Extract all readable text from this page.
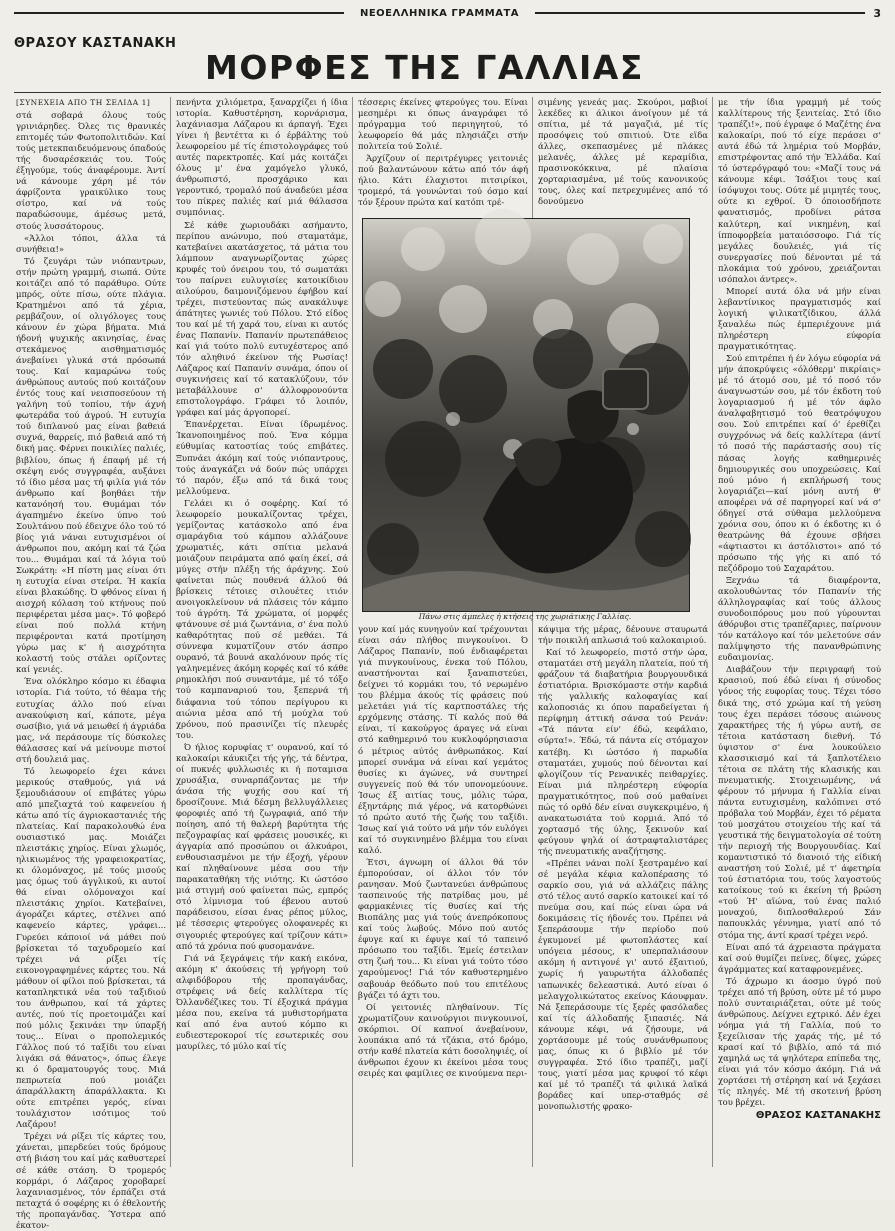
ΝΕΟΕΛΛΗΝΙΚΑ ΓΡΑΜΜΑΤΑ	3
ΘΡΑΣΟΥ ΚΑΣΤΑΝΑΚΗ
ΜΟΡΦΕΣ ΤΗΣ ΓΑΛΛΙΑΣ
[ΣΥΝΕΧΕΙΑ ΑΠΟ ΤΗ ΣΕΛΙΔΑ 1]

στά σοβαρά όλους τούς γρινιάρηδες. Όλες τις θρανικές επιτομές τών Φωτοπολιτιδών. Καί τούς μετεκπαιδευόμενους όπαδούς τής δυσαρέσκειάς του. Τούς έξηγούμε, τούς άναφέρουμε. Άντί νά κάνουμε χάρη μέ τόν άφρίζοντα γραικύλικο τους σίστρο, καί νά τούς παραδώσουμε, άμέσως μετά, στούς λυσσάτορους.

«Άλλοι τόποι, άλλα τά συνήθεια!»

Τό ζευγάρι τών νιόπαντρων, στήν πρώτη γραμμή, σιωπά. Ούτε κοιτάζει από τό παράθυρο. Ούτε μπρός, ούτε πίσω, ούτε πλάγια. Κρατημένοι από τά χέρια, ρεμβάζουν, οί ολιγόλογες τους κάνουν έν χώρα βήματα. Μιά ήδονή ψυχικής ακινησίας, ένας στεκάμενος αισθηματισμός άνεβαίνει γλυκά στά πρόσωπά τους. Καί καμαρώνω τούς άνθρώπους αυτούς πού κοιτάζουν έντός τους καί νεισποσεύουν τή γαλήνη τού τοπίου, τήν άχνή φωτεράδα τού άγρού. Ή ευτυχία τού διπλανού μας είναι βαθειά συχνά, θαρρείς, πιό βαθειά από τή δική μας. Φέρνει ποικιλίες παλιές, βιβλίου, όπως ή έπαφή μέ τή σκέψη ενός συγγραφέα, αυξάνει τό ίδιο μέσα μας τή φιλία γιά τόν άνθρωπο καί βοηθάει τήν κατανόησή του. Θυμάμαι τόν άγαπημένο έκείνο ύπνο τού Σουλτάνου πού έδειχνε όλο τού τό βίος γιά νάναι ευτυχισμένοι οί άνθρωποι που, ακόμη καί τά ζώα του... Θυμάμαι καί τά λόγια τού Σωκράτη: «Η πίστη μας είναι ότι η ευτυχία είναι στείρα. Ή κακία είναι βλακώδης. Ό φθόνος είναι ή αισχρή κόλαση τού κτήνους πού περιφέρεται μέσα μας». Τό φοβερό είναι πού πολλά κτήνη περιφέρονται κατά προτίμηση γύρω μας κ' ή αισχρότητα κολαστή τούς στάλει ορίζοντες καί γενιές.

Ένα ολόκληρο κόσμο κι έδαφια ιστορία. Γιά τούτο, τό θέαμα τής ευτυχίας άλλο πού είναι ανακούφιση καί, κάποτε, μέγα σωσίβιο, γιά νά μειωθεί ή άγριάδα μας, νά περάσουμε τίς δύσκολες θάλασσες καί νά μείνουμε πιστοί στή δουλειά μας.

Τό λεωφορείο έχει κάνει μερικούς σταθμούς, γιά νά ξεμουδιάσουν οί επιβάτες γύρω από μπεζιαχτά τού καφενείου ή κάτω από τίς άγριοκαστανιές τής πλατείας. Καί παρακολουθώ ένα ουσιαστικό μας. Μοιάζει πλειστάκις χηρίος. Είναι χλωμός, ηλικιωμένος τής γραφειοκρατίας, κι όλομόναχος, μέ τούς μισούς μας όμως τού άγγλικού, κι αυτοί θά είναι ολόμοναχοι καί πλειστάκις χηρίοι. Κατεβαίνει, άγοράζει κάρτες, στέλνει από καφενείο κάρτες, γράφει... Γυρεύει κάποιοί νά μάθει πού βρίσκεται τό ταχυδρομείο καί τρέχει νά ρίξει τίς εικονογραφημένες κάρτες του. Νά μάθουν οί φίλοι πού βρίσκεται, τά καταπληκτικά νέα τού ταξιδιού του άνθρωπου, καί τά χάρτες αυτές, πού τίς προετοιμάζει καί πού μόλις ξεκινάει την ύπαρξή τους... Είναι ο προπολεμικός Γάλλος πού τό ταξίδι του είναι λιγάκι σά θάνατος», όπως έλεγε κι ό δραματουργός τους. Μιά πεπρωτεία πού μοιάζει άπαράλλακτη άπαράλλακτα. Κι ούτε επιτρέπει γερός, είναι τουλάχιστον ισότιμος τού Λαζάρου!

Τρέχει νά ρίξει τίς κάρτες του, χάνεται, μπερδεύει τούς δρόμους στή βιάση του καί μάς καθυστερεί σέ κάθε στάση. Ό τρομερός κορμάρι, ό Λάζαρος χοροβαρεί λαχανιασμένος, τόν έρπάζει στά πεταχτά ό σοφέρης κι ό έθελοντής τής προπαγάνδας. Ύστερα από έκατον-

πενήντα χιλιόμετρα, ξαναρχίζει ή ίδια ιστορία. Καθυστέρηση, κορνάρισμα, λαχάνιασμα Λάζαρου κι άρπαγή. Έχει γίνει ή βεντέττα κι ό έρβάλτης τού λεωφορείου μέ τίς έπιστολογράφες τού αυτές παρεκτροπές. Καί μάς κοιτάζει όλους μ' ένα χαμόγελο γλυκό, άνθρωπιστό, προσχάρικο και γεροντικό, τρομαλό πού άναδεύει μέσα του πίκρες παλιές καί μιά θάλασσα συμπόνιας.

Σέ κάθε χωριουδάκι ασήμαντο, περίπου ανώνυμο, πού σταματάμε, κατεβαίνει ακατάσχετος, τά μάτια του λάμπουν αναγνωρίζοντας χώρες κρυφές τού όνειρου του, τό σωματάκι του παίρνει ευλυγισίες κατοικίδιου αιλούρου, δαιμονιζόμενου έφήβου καί τρέχει, πιστεύοντας πώς ανακάλυψε άπάτητες γωνιές τού Πόλου. Στό είδος του καί μέ τή χαρά του, είναι κι αυτός ένας Παπανίν. Παπανίν πρωτεπάθειος καί γιά τούτο πολύ ευτυχέστερος από τόν αληθινό έκείνον τής Ρωσίας! Λάζαρος καί Παπανίν συνάμα, όπου οί συγκινήσεις καί τό κατακλύζουν, τόν μεταβάλλουνε σ' άλλοφρονούντα επιστολογράφο. Γράφει τό λοιπόν, γράφει καί μάς άργοπορεί.

Έπανέρχεται. Είναι ίδρωμένος. Ίκανοποιημένος πού. Ένα κόμμα εύθυμίας κατοστίας τούς επιβάτες. Ξυπνάει άκόμη καί τούς νιόπαντρους, τούς άναγκάζει νά δούν πώς υπάρχει τό παρόν, έξω από τά δικά τους μελλούμενα.

Γελάει κι ό σοφέρης. Καί τό λεωφορείο μουκαλίζοντας τρέχει, γεμίζοντας κατάσκολο από ένα σμαράγδια τού κάμπου αλλάζουνε χρωματιές, κάτι σπίτια μελανά μοιάζουν πειράματα από φαίη έκεί, σά μύγες στήν πλέξη τής άράχνης. Σού φαίνεται πώς πουθενά άλλού θά βρίσκεις τέτοιες σιλουέτες ιτιόν ανοιγοκλείνουν νά πλάσεις τόν κάμπο τού άγρότη. Τά χρώματα, οί μορφές φτάνουνε σέ μιά ζωντάνια, σ' ένα πολύ καθαρότητας πού σέ μεθάει. Τά σύννεφα κυματίζουν στόν άσπρο ουρανό, τά βουνά ακαλόνουν πρός τίς γαληνεμένες άκόμη κορφές καί τό κάθε ρημοκλήσι πού συναντάμε, μέ τό τόξο τού καμπαναριού του, ξεπερνά τή διάφανια τού τόπου περίγυρου κι αιώνια μέσα από τή μούχλα τού χρόνου, πού πρασινίζει τίς πλευρές του.

Ό ήλιος κορυφίας τ' ουρανού, καί τό καλοκαίρι κάυκιζει τής γής, τά δέντρα, οί πυκνές φυλλωσιές κι ή ποταμισα χρυσάξια, συναρπάζοντας με τήν άνάσα τής ψυχής σου καί τή δροσίζουνε. Μιά δέσμη βελλυγάλλειες φοροφιές από τή ζωγραφιά, από τήν ποίηση, από τή θαλερή βαρύτητα τής πεζογραφίας καί φράσεις μουσικές, κι άγγαρία από προσώπου οι άλκυάροι, ενθουσιασμένοι με τήν έξοχή, γέρουν καί πληθαίνουνε μέσα σου τήν παρακαταθήκη τής νιότης. Κι ώστόσο μιά στιγμή σού φαίνεται πώς, εμπρός στό λίμνισμα τού έβενου αυτού παράδεισου, είσαι ένας ρέπος μύλος, μέ τέσσερις φτερούγες ολοφανερές κι σιγουριές φτερούγες καί τρίζουν κάτι» από τά χρόνια πού φυσομανάνε.

Γιά νά ξεγράψεις τήν κακή εικόνα, ακόμη κ' άκούσεις τή γρήγορη τού αλφιδόβορου τής προπαγάνδας, στρέφεις νά δείς καλλίτερα τίς Όλλανδέζικες του. Τί έξοχικά πράγμα μέσα που, εκείνα τά μυθιστορήματα καί από ένα αυτού κόμπο κι ευδιεστεροκοροί τίς εσωτερικές σου μαυρίλες, τό μύλο καί τίς

τέσσερις έκείνες φτερούγες του. Είναι μεσημέρι κι όπως άναγράφει τό πρόγραμμα τού περιηγητού, τό λεωφορείο θά μάς πλησιάζει στήν πολιτεία τού Σολιέ.

Άρχίζουν οί περιτρέγυρες γειτονιές πού βαλαντώνουν κάτω από τόν άφή ήλιο. Κάτι έλαχιστοι πιτσιρίκοι, τρομερό, τά γουνώνται τού όσμο καί τόν ξέρουν πρώτα καί κατόπι τρέ-

σιμένης γενεάς μας. Σκούροι, μαβιοί λεκέδες κι άλικοι άνοίγουν μέ τά σπίτια, μέ τά μαγαζιά, μέ τίς προσόψεις τού σπιτιού. Ότε εϊδα άλλες, σκεπασμένες μέ πλάκες μελανές, άλλες μέ κεραμίδια, πρασινοκόκκινα, μέ πλαίσια χορταριασμένα, μέ τούς κανονικούς τους, όλες καί πετρεχυμένες από τό δονούμενο

Πάνω στις άμπελες ή κτήσεις της χωριάτικης Γαλλίας.

γουν καί μάς κυνηγούν καί τρέχουνται είναι σάν πλήθος πινγκουίνοι. Ό Λάζαρος Παπανίν, πού ένδιαφέρεται γιά πινγκουίνους, ένεκα τού Πόλου, αναστήνονται καί ξαναπιστεύει, δείχνει τό κορμάκι του, τό νερωμένο του βλέμμα άκούς τίς φράσεις πού μελετάει γιά τίς καρτποστάλες τής ερχόμενης στάσης. Τί καλός πού θά είναι, τί κακούργος άραγες νά είναι στό καθημερινό του κυκλοφόρησιασια ό μέτριος αύτός άνθρωπάκος. Καί μπορεί συνάμα νά είναι καί γεμάτος θυσίες κι άγώνες, νά συντηρεί συγγενείς πού θά τόν υπονομεύουνε. Ίσως έξ αιτίας τους, μόλις τώρα, έξηντάρης πιά γέρος, νά κατορθώνει τό πρώτο αυτό τής ζωής του ταξίδι. Ίσως καί γιά τούτο νά μήν τόν ευλόγει καί τό συγκινημένο βλέμμα του είναι καλό.

Έτσι, άγνωμη οί άλλοι θά τόν έμπορούσαν, οί άλλοι τόν τόν ρανησαν. Μού ζωντανεύει άνθρώπους τασπεινούς τής πατρίδας μου, μέ φαρμακένιες τίς θυσίες καί τής Βιοπάλης μας γιά τούς άνεπρόκοπους καί τούς λωβούς. Μόνο πού αυτός έφυγε καί κι έφυγε καί τό ταπεινό πρόσωπο του ταξίδι. Έμείς έστειλαν στη ζωή του... Κι είναι γιά τούτο τόσο χαρούμενος! Γιά τόν καθυστερημένο σαβουάρ θεόδωτο πού του επιτέλους βγάζει τό άχτι του.

Οί γειτονιές πληθαίνουν. Τίς χρωματίζουν καινούργιοι πινγκουινοί, σκόρπιοι. Οί καπνοί άνεβαίνουν, λουπάκια από τά τζάκια, στό δρόμο, στήν καθέ πλατεία κάτι δοσοληψιές, οί άνθρωποι έχουν κι έκείνοι μέσα τους σειρές και φαμίλιες σε κινούμενα περι-

κάψιμα τής μέρας, δένουνε σταυρωτά τήν ποικιλή απλωσιά τού καλοκαιριού.

Καί τό λεωφορείο, πιστό στήν ώρα, σταματάει στή μεγάλη πλατεία, πού τή φράζουν τά διαβατήρια βουργουνδικά έστιατόρια. Βρισκόμαστε στήν καρδιά τής γαλλικής καλοφαγίας καί καλοποσιάς κι όπου παραδείγεται ή περίφημη άττική σάνσα τού Ρενάν: «Τά πάντα είν' έδώ, κεφάλαιο, σύρτα!». Έδώ, τά πάντα είς στόμαχον κατέβη. Κι ώστόσο ή παρωδία σταματάει, χυμούς πού δένονται καί φλογίζουν τίς Ρενανικές πειθαρχίες. Είναι μιά πληρέστερη εύφορία πραγματικότητος, πού σού μαθαίνει πώς τό ορθό δέν είναι συγκεκριμένο, ή ανακατωσιάτα τού κορμιά. Άπό τό χορτασμό τής ύλης, ξεκινούν καί φεύγουν ψηλά οί άστραφταλιστάρες τής πνευματικής αναζήτησης.

«Πρέπει νάναι πολί ξεστραμένο καί σέ μεγάλα κέφια καλοπέρασης τό σαρκίο σου, γιά νά αλλάζεις πάλης στό τέλος αυτό σαρκίο κατοικεί καί τό πνεύμα σου, καί πώς είναι ώρα νά δοκιμάσεις τίς ήδονές του. Πρέπει νά ξεπεράσουμε τήν περίοδο πού έγκυμονεί μέ φωτοπλάστες καί υπόγεια μέσους, κ' υπερπαλιάσουν ακόμη ή αντιγονέ γι' αυτό έξαιτιού, χωρίς ή γαυρωτήτα άλλοδαπές ιαπωνικές δελεαστικά. Αυτό είναι ό μελαγχολικώτατος εκείνος Κάουφμαν. Νά ξεπεράσουμε τίς ξερές φασόλαδες καί τίς άλλοδαπής ξιπασιές. Νά κάνουμε κέφι, νά ζήσουμε, νά χορτάσουμε μέ τούς συνάνθρωπους μας, όπως κι ό βιβλίο μέ τόν συγγραφέα. Στό ίδιο τραπέζι, μαζί τους, γιατί μέσα μας κρυφοί τό κέφι καί μέ τό τραπέζι τά φιλικά λαϊκά βοράδες καί υπερ-σταθμός σέ μονοπωλιστής φρακο-

με τήν ίδια γραμμή μέ τούς καλλίτερους τής ξενιτείας. Στό ίδιο τραπέζι!», πού έγραφε ό Μαζέτης ένα καλοκαίρι, πού τό είχε περάσει σ' αυτά έδώ τά λημέρια τού Μορβάν, επιστρέφοντας από τήν Έλλάδα. Καί τό ύστερόγραφό του: «Μαζί τους νά κάνουμε κέφι. Ίσάξιοι τους καί ίσόψυχοι τους. Ούτε μέ μιμητές τους, ούτε κι εχθροί. Ό όποιοσδήποτε φανατισμός, προδίνει ράτσα καλύτερη, καί νικημένη, καί ίπποφορβεία ματαιόσσοφο. Γιά τίς μεγάλες δουλειές, γιά τίς συνεργασίες πού δένονται μέ τά πλοκάμια τού χρόνου, χρειάζονται ισόπαλοι άντρες».

Μπορεί αυτά όλα νά μήν είναι λεβαντίνικος πραγματισμός καί λογική ψιλικατζίδικου, άλλά ξαναλέω πώς έμπεριέχουνε μιά πληρέστερη εύφορία πραγματικότητας.

Σού επιτρέπει ή έν λόγω εύφορία νά μήν άποκρύψεις «όλόθερμ' πικρίαις» μέ τό άτομό σου, μέ τό ποσό τόν άναγνωστών σου, μέ τόν έκδοτη τού λογαριασμού ή μέ τόν άφλο άναλφαβητισμό τού θεατρόψυχου σου. Σού επιτρέπει καί ό' έρεθίζει συγχρόνως νά δείς καλλίτερα (άντί τό ποσό τής παράστασής σου) τίς πάσας λογής καθημερινές δημιουργικές σου υποχρεώσεις. Καί πού μόνο ή εκπλήρωσή τους λογαριάζει—καί μόνη αυτή θ' αποφέρει νά σέ παρηγορεί καί νά σ' όδηγεί στά σύθαμα μελλούμενα χρόνια σου, όπου κι ό έκδοτης κι ό θεατρώνης θά έχουνε σβήσει «άφτιαστοι κι άστόλιστοι» από τό πρόσωπο τής γής κι από τό πεζόδρομο τού Σαχαράτου.

Ξεχνάω τά διαφέροντα, ακολουθώντας τόν Παπανίν τής άλληλογραφίας καί τούς άλλους συνοδοιπόρους μου πού γύρουνται άθόρυβοι στις τραπέζαριες, παίρνουν τόν κατάλογο καί τόν μελετούνε σάν παλίμψηστο τής πανανθρώπινης ευδαιμονίας.

Διαβάζουν τήν περιγραφή τού κρασιού, πού έδώ είναι ή σύνοδος γόνος τής ευφορίας τους. Τέχει τόσο δικά της, στό χρώμα καί τή γεύση τους έχει περάσει τόσους αιώνους χαρακτήρες τής ή γύρω αυτή, σε τέτοια κατάσταση διεθνή. Τό ύψιστον σ' ένα λουκούλειο κλασσικισμό καί τά ξαπλοτέλειο τέτοια σε πλάτη τής κλασικής και πνευματικής. Στοιχειωμένης, νά φέρουν τό μήνυμα ή Γαλλία είναι πάντα ευτυχισμένη, καλόπινει στό πρόβαλα τού Μορβάν, έχει τό ρέματα τού μοσχάτου στοιχείου τής καί τά γευστικά τής δειγματολογία σέ τούτη τήν περιοχή τής Βουργουνδίας. Καί κομαντιστικό τό διανοιό τής είδική αναστήση τού Σολιέ, μέ τ' άφετηρία τού έστιατόρια του, τούς λαγοστούς κατοίκους τού κι έκείνη τή βρώση «τού Ή' αϊώνα, τού ένας παλιό μοναχού, διπλοσθαλερού Σάν παπουκλάς γέννημα, γιατί από τό στόμα της, άντί κρασί τρέχει νερό.

Είναι από τά άχρειαστα πράγματα καί σού θυμίζει πείνες, δίψες, χώρες άγράμματες καί καταφρονεμένες.

Τό άχρωμο κι άοσμο ύγρό πού τρέχει από τή βρύση, ούτε μέ τό μυρο πολύ συνταιριάζεται, ούτε μέ τούς άνθρώπους. Δείχνει εχτρικό. Δέν έχει νόημα γιά τή Γαλλία, πού το ξεχείλισαν τής χαράς τής, μέ τό κρασί καί τό βιβλίο, από τά πιό χαμηλά ως τά ψηλότερα επίπεδα της, είναι γιά τόν κόσμο άκόμη. Γιά νά χορτάσει τή στέρηση καί νά ξεχάσει τίς πληγές. Μέ τή σκοτεινή βρύση του βρέχει.

ΘΡΑΣΟΣ ΚΑΣΤΑΝΑΚΗΣ
